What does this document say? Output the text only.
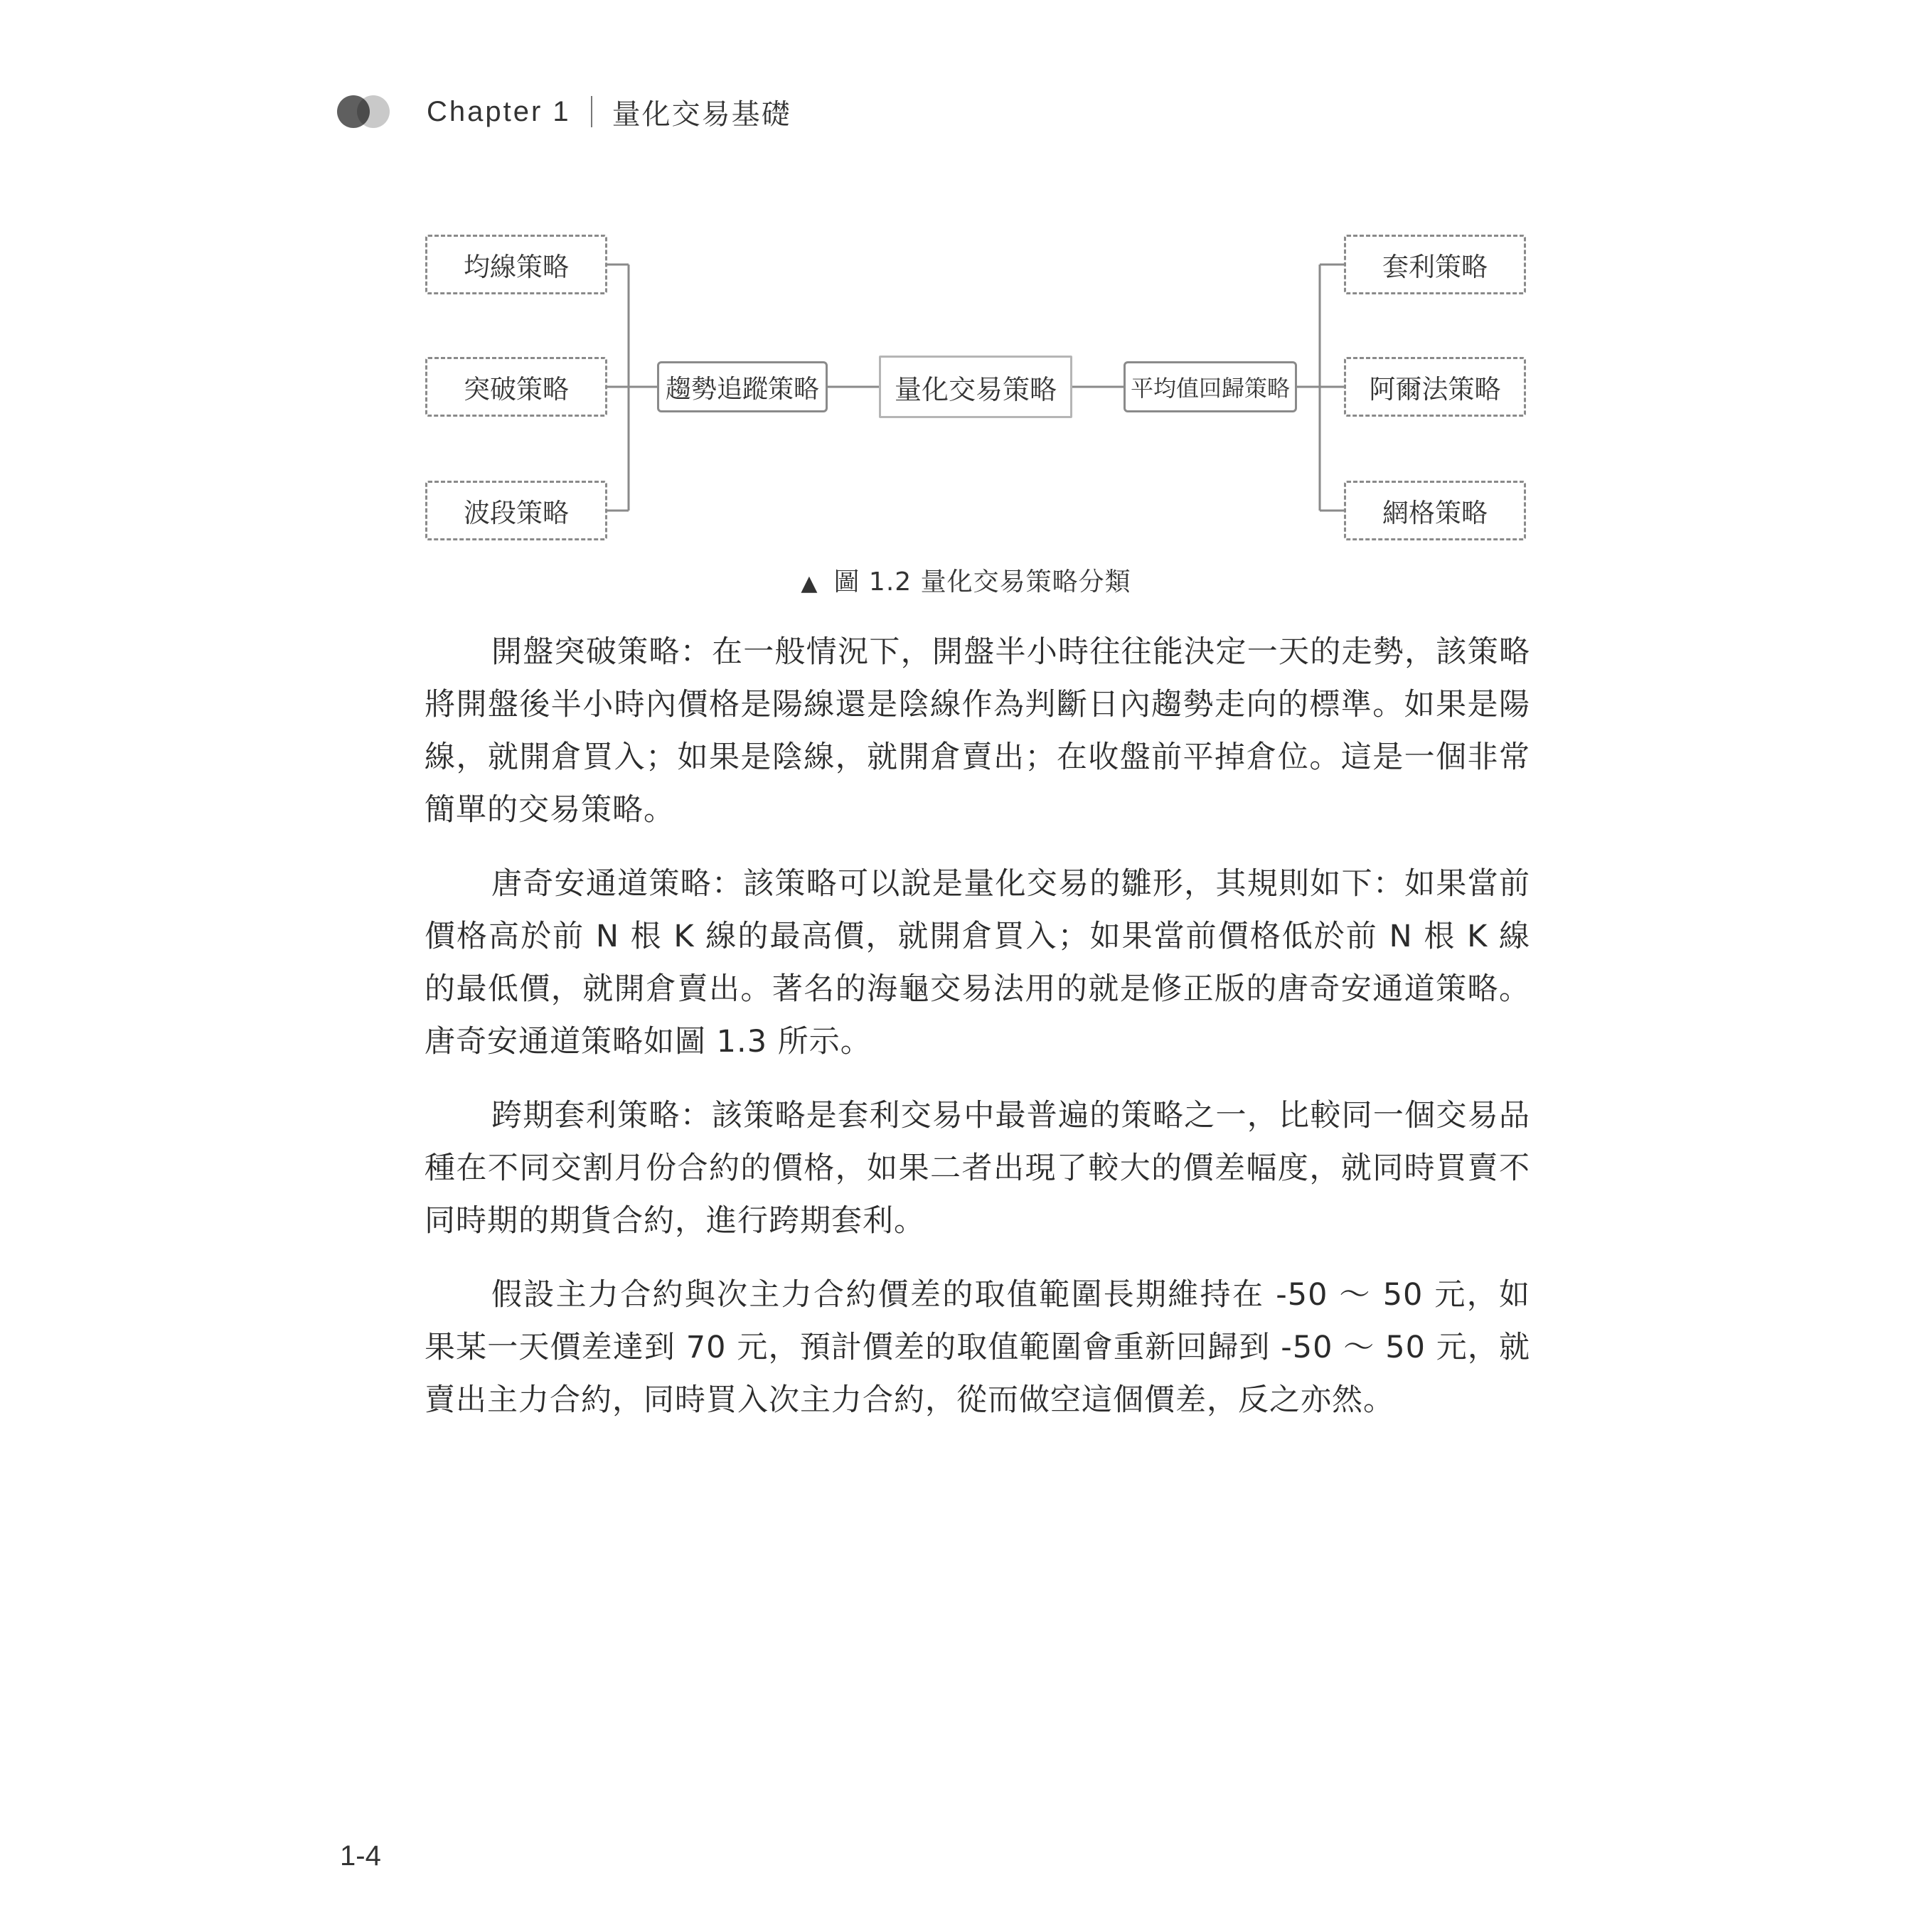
Chapter 1 量化交易基礎
均線策略
突破策略
波段策略
趨勢追蹤策略	量化交易策略	平均值回歸策略
套利策略
阿爾法策略
網格策略
▲ 圖 1.2 量化交易策略分類

開盤突破策略：在一般情況下，開盤半小時往往能決定一天的走勢，該策略將開盤後半小時內價格是陽線還是陰線作為判斷日內趨勢走向的標準。如果是陽線，就開倉買入；如果是陰線，就開倉賣出；在收盤前平掉倉位。這是一個非常簡單的交易策略。

唐奇安通道策略：該策略可以說是量化交易的雛形，其規則如下：如果當前價格高於前 N 根 K 線的最高價，就開倉買入；如果當前價格低於前 N 根 K 線的最低價，就開倉賣出。著名的海龜交易法用的就是修正版的唐奇安通道策略。唐奇安通道策略如圖 1.3 所示。

跨期套利策略：該策略是套利交易中最普遍的策略之一，比較同一個交易品種在不同交割月份合約的價格，如果二者出現了較大的價差幅度，就同時買賣不同時期的期貨合約，進行跨期套利。

假設主力合約與次主力合約價差的取值範圍長期維持在 -50 ～ 50 元，如果某一天價差達到 70 元，預計價差的取值範圍會重新回歸到 -50 ～ 50 元，就賣出主力合約，同時買入次主力合約，從而做空這個價差，反之亦然。

1-4
